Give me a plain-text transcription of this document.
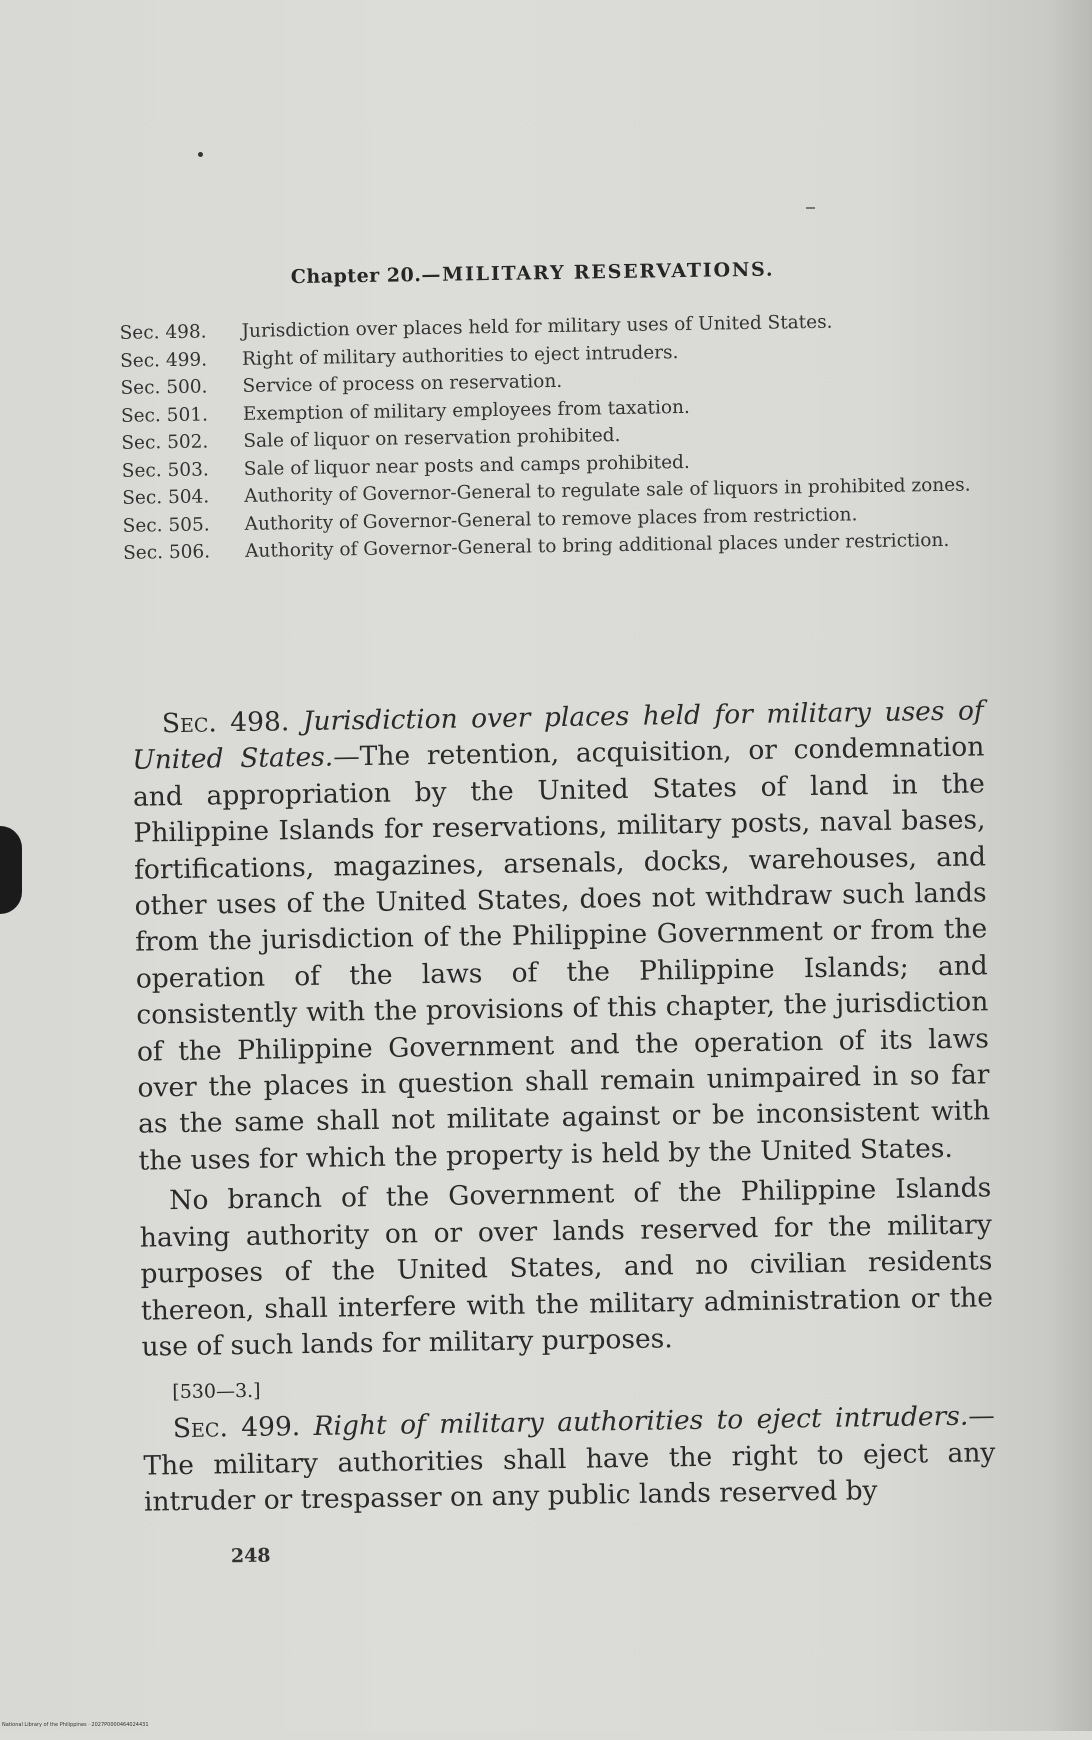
Chapter 20.—MILITARY RESERVATIONS.
Sec. 498.	Jurisdiction over places held for military uses of United States.
Sec. 499.	Right of military authorities to eject intruders.
Sec. 500.	Service of process on reservation.
Sec. 501.	Exemption of military employees from taxation.
Sec. 502.	Sale of liquor on reservation prohibited.
Sec. 503.	Sale of liquor near posts and camps prohibited.
Sec. 504.	Authority of Governor-General to regulate sale of liquors in prohibited zones.
Sec. 505.	Authority of Governor-General to remove places from restriction.
Sec. 506.	Authority of Governor-General to bring additional places under restriction.

Sec. 498. Jurisdiction over places held for military uses of United States.—The retention, acquisition, or condemnation and appropriation by the United States of land in the Philippine Islands for reservations, military posts, naval bases, fortifications, magazines, arsenals, docks, warehouses, and other uses of the United States, does not withdraw such lands from the jurisdiction of the Philippine Government or from the operation of the laws of the Philippine Islands; and consistently with the provisions of this chapter, the jurisdiction of the Philippine Government and the operation of its laws over the places in question shall remain unimpaired in so far as the same shall not militate against or be inconsistent with the uses for which the property is held by the United States.

No branch of the Government of the Philippine Islands having authority on or over lands reserved for the military purposes of the United States, and no civilian residents thereon, shall interfere with the military administration or the use of such lands for military purposes.

[530—3.]

Sec. 499. Right of military authorities to eject intruders.—The military authorities shall have the right to eject any intruder or trespasser on any public lands reserved by

248
National Library of the Philippines · 2027P0000464024431
